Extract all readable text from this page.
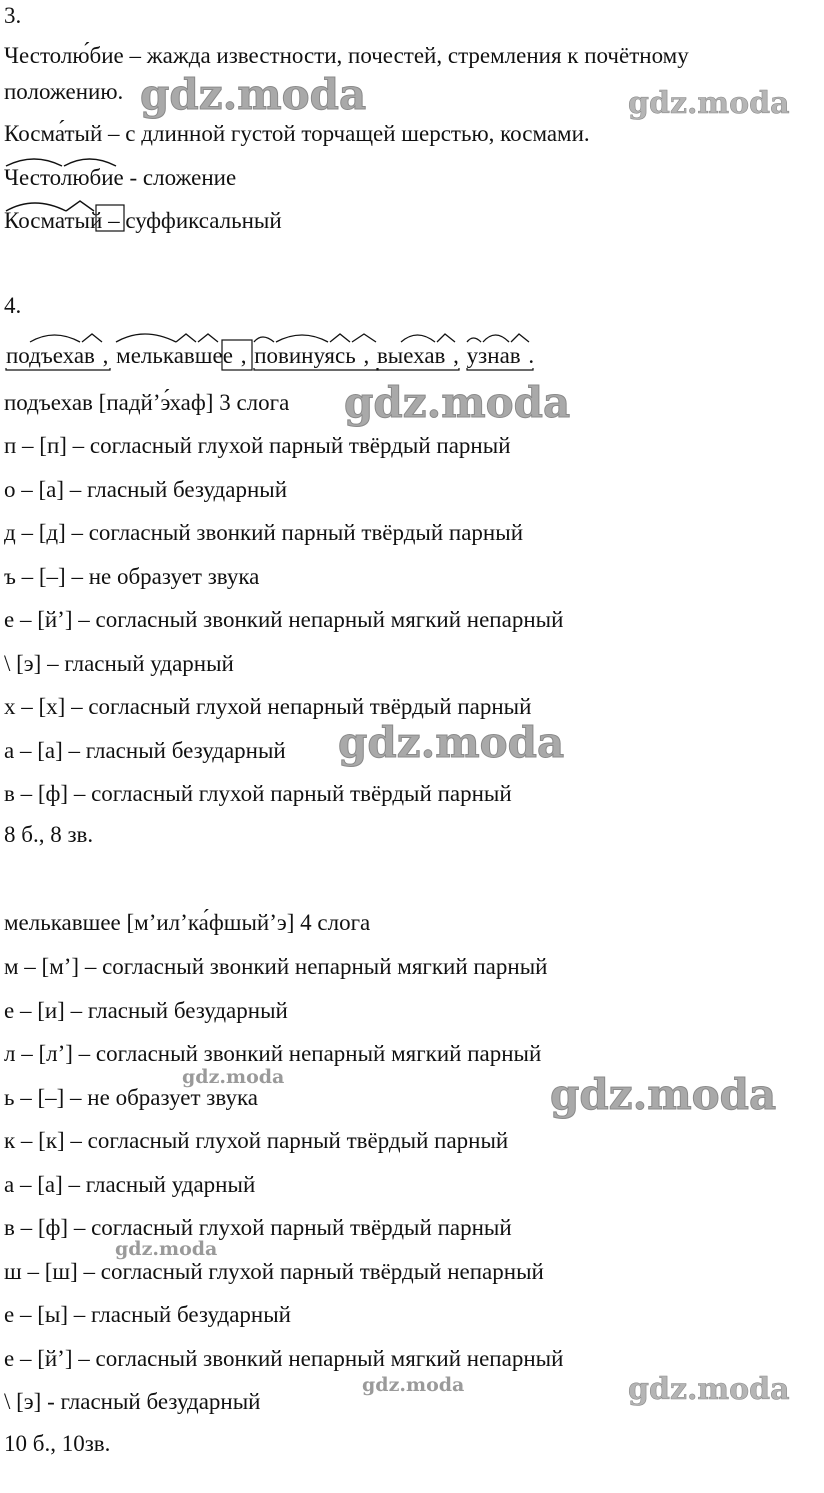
3.
Честолю́бие – жажда известности, почестей, стремления к почётному
положению.
Косма́тый – с длинной густой торчащей шерстью, космами.
Честолюбие - сложение
Косматый – суффиксальный
4.
подъехав
, мелькавшее
, повинуясь
, выехав
, узнав
.
подъехав [падй’э́хаф] 3 слога
п – [п] – согласный глухой парный твёрдый парный
о – [а] – гласный безударный
д – [д] – согласный звонкий парный твёрдый парный
ъ – [–] – не образует звука
е – [й’] – согласный звонкий непарный мягкий непарный
\ [э] – гласный ударный
х – [х] – согласный глухой непарный твёрдый парный
а – [а] – гласный безударный
в – [ф] – согласный глухой парный твёрдый парный
8 б., 8 зв.
мелькавшее [м’ил’ка́фшый’э] 4 слога
м – [м’] – согласный звонкий непарный мягкий парный
е – [и] – гласный безударный
л – [л’] – согласный звонкий непарный мягкий парный
ь – [–] – не образует звука
к – [к] – согласный глухой парный твёрдый парный
а – [а] – гласный ударный
в – [ф] – согласный глухой парный твёрдый парный
ш – [ш] – согласный глухой парный твёрдый непарный
е – [ы] – гласный безударный
е – [й’] – согласный звонкий непарный мягкий непарный
\ [э] - гласный безударный
10 б., 10зв.
gdz.moda	gdz.moda
gdz.moda
gdz.moda
gdz.moda	gdz.moda
gdz.moda
gdz.moda	gdz.moda
